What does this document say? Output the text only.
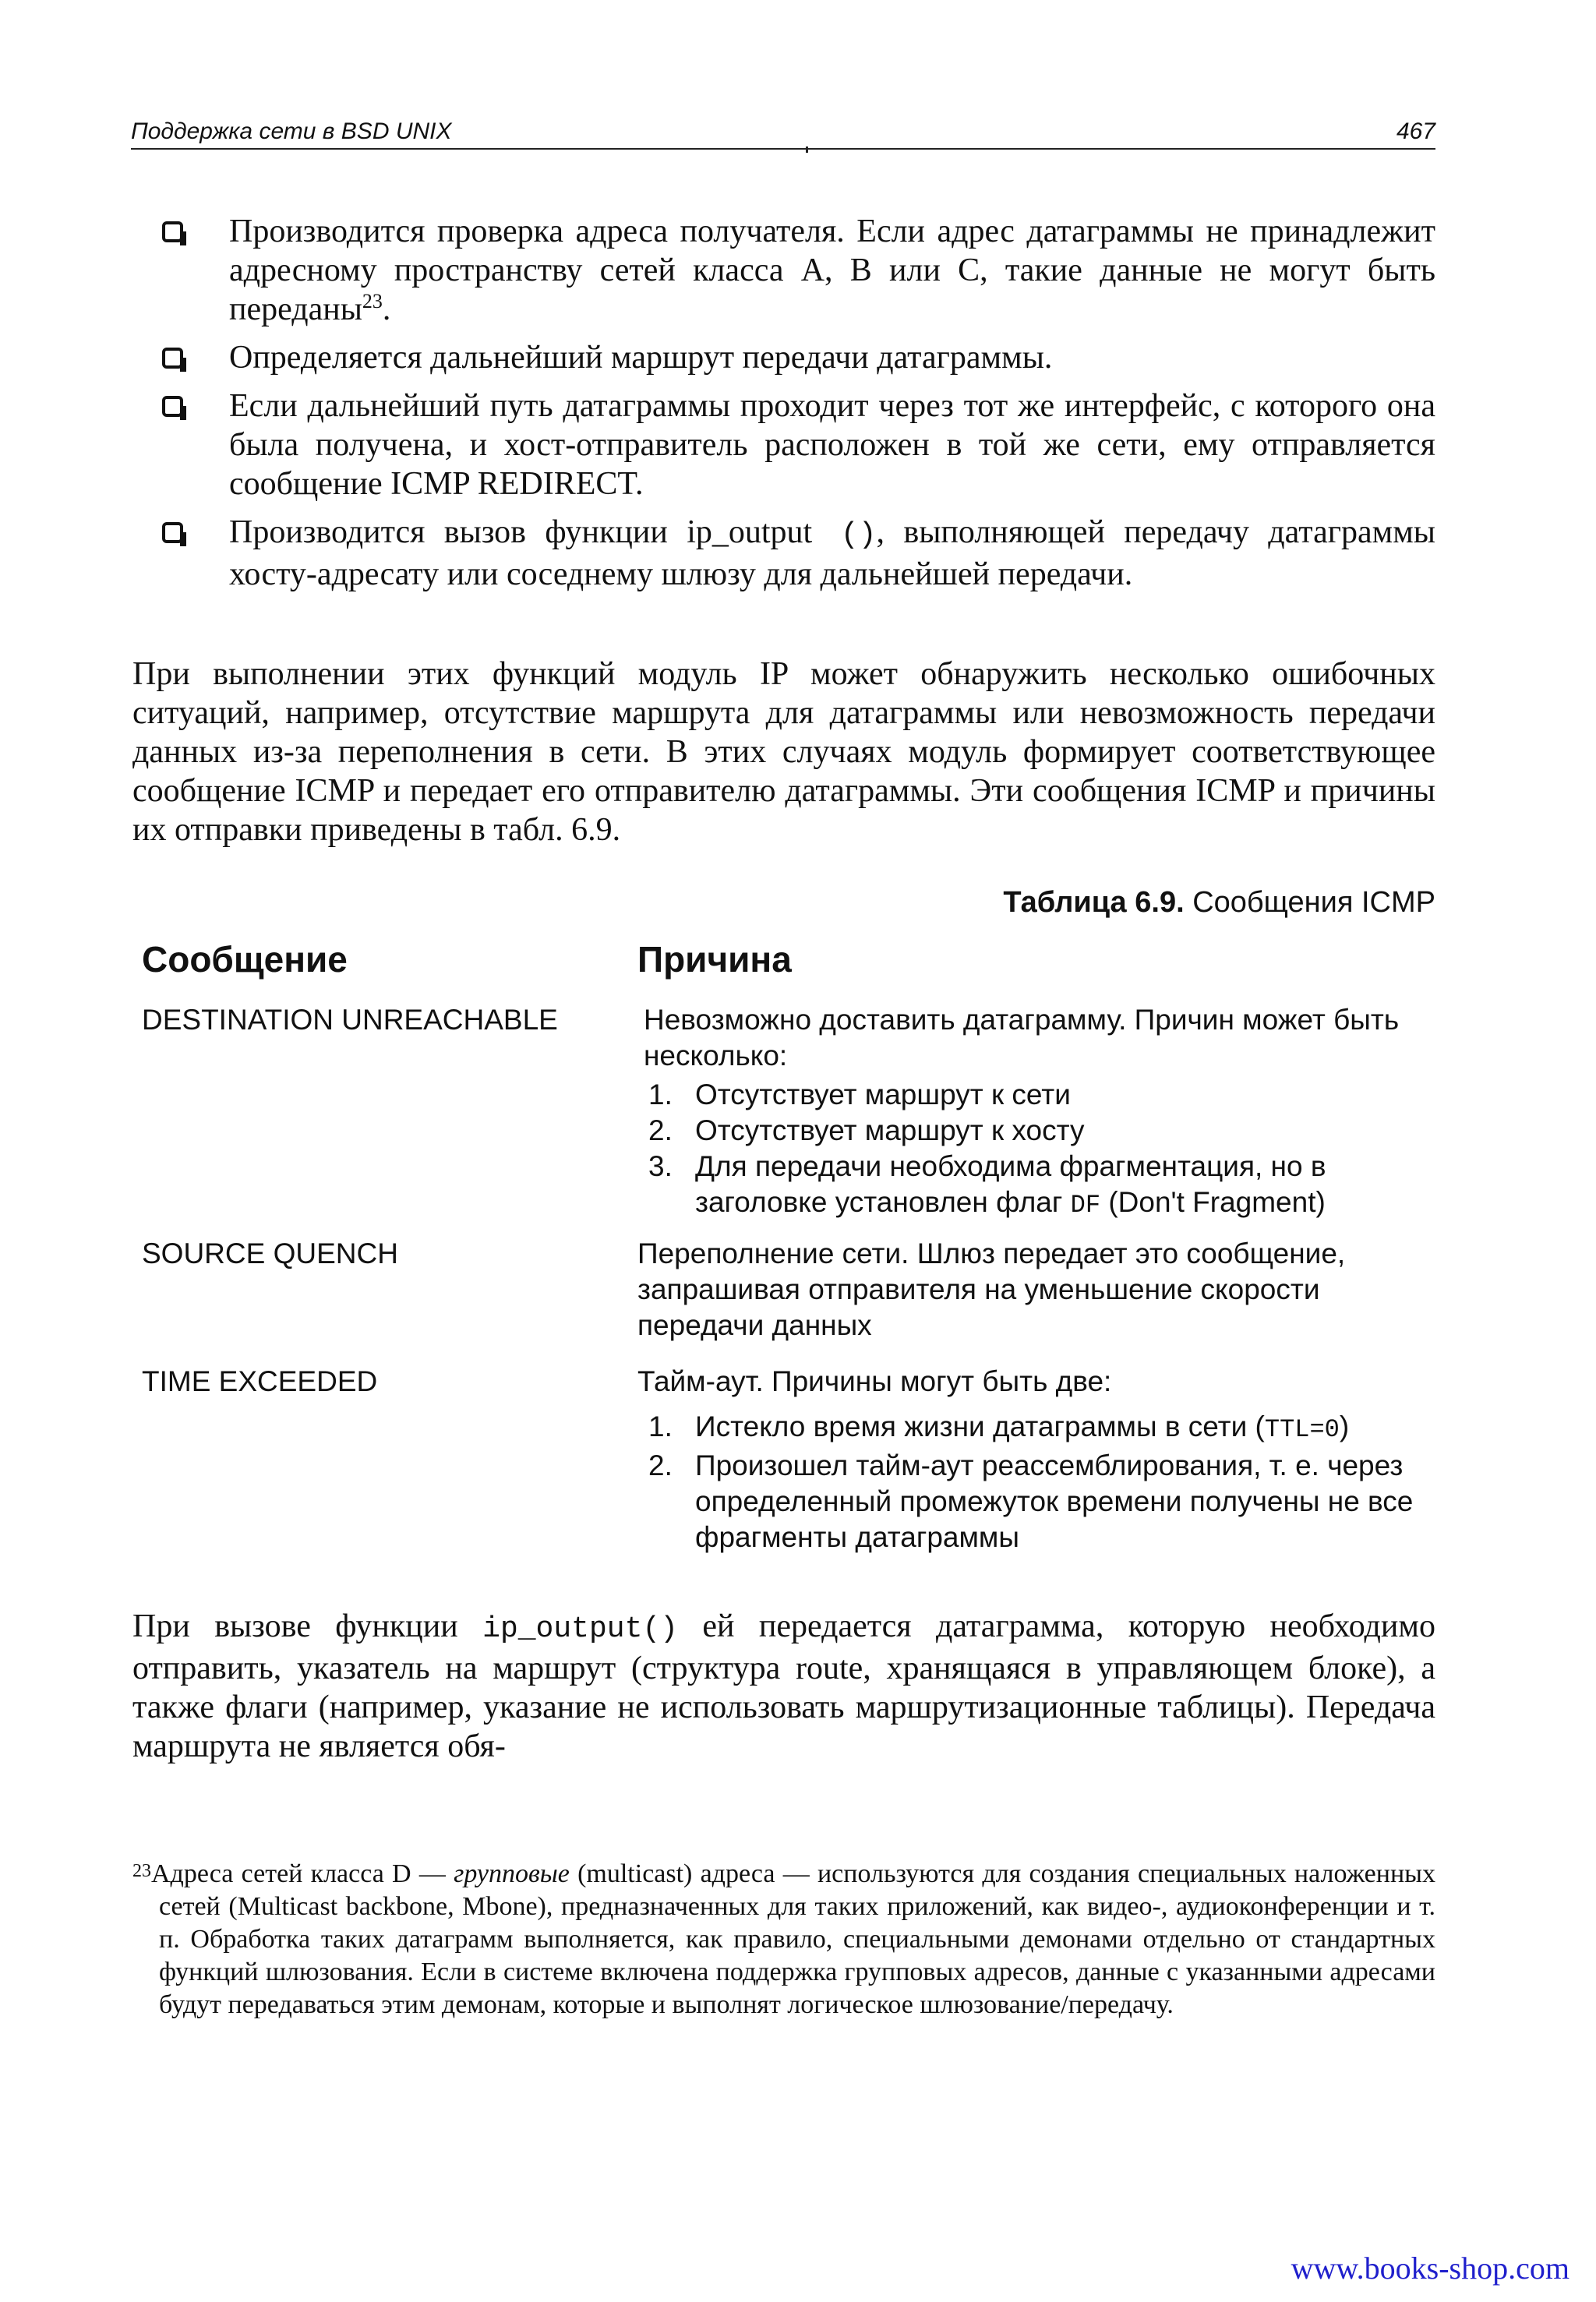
Поддержка сети в BSD UNIX	467
Производится проверка адреса получателя. Если адрес датаграммы не принадлежит адресному пространству сетей класса А, В или С, такие данные не могут быть переданы$^{23}$.
Определяется дальнейший маршрут передачи датаграммы.
Если дальнейший путь датаграммы проходит через тот же интерфейс, с которого она была получена, и хост-отправитель расположен в той же сети, ему отправляется сообщение ICMP REDIRECT.
Производится вызов функции ip_output (), выполняющей передачу датаграммы хосту-адресату или соседнему шлюзу для дальнейшей передачи.

При выполнении этих функций модуль IP может обнаружить несколько ошибочных ситуаций, например, отсутствие маршрута для датаграммы или невозможность передачи данных из-за переполнения в сети. В этих случаях модуль формирует соответствующее сообщение ICMP и передает его отправителю датаграммы. Эти сообщения ICMP и причины их отправки приведены в табл. 6.9.

Таблица 6.9. Сообщения ICMP
Сообщение	Причина
DESTINATION UNREACHABLE	Невозможно доставить датаграмму. Причин может быть несколько:
1. Отсутствует маршрут к сети
2. Отсутствует маршрут к хосту
3. Для передачи необходима фрагментация, но в заголовке установлен флаг DF (Don't Fragment)
SOURCE QUENCH	Переполнение сети. Шлюз передает это сообщение, запрашивая отправителя на уменьшение скорости передачи данных
TIME EXCEEDED	Тайм-аут. Причины могут быть две:
1. Истекло время жизни датаграммы в сети (TTL=0)
2. Произошел тайм-аут реассемблирования, т. е. через определенный промежуток времени получены не все фрагменты датаграммы

При вызове функции ip_output() ей передается датаграмма, которую необходимо отправить, указатель на маршрут (структура route, хранящаяся в управляющем блоке), а также флаги (например, указание не использовать маршрутизационные таблицы). Передача маршрута не является обя-

$^{23}$Адреса сетей класса D — групповые (multicast) адреса — используются для создания специальных наложенных сетей (Multicast backbone, Mbone), предназначенных для таких приложений, как видео-, аудиоконференции и т. п. Обработка таких датаграмм выполняется, как правило, специальными демонами отдельно от стандартных функций шлюзования. Если в системе включена поддержка групповых адресов, данные с указанными адресами будут передаваться этим демонам, которые и выполнят логическое шлюзование/передачу.
www.books-shop.com
